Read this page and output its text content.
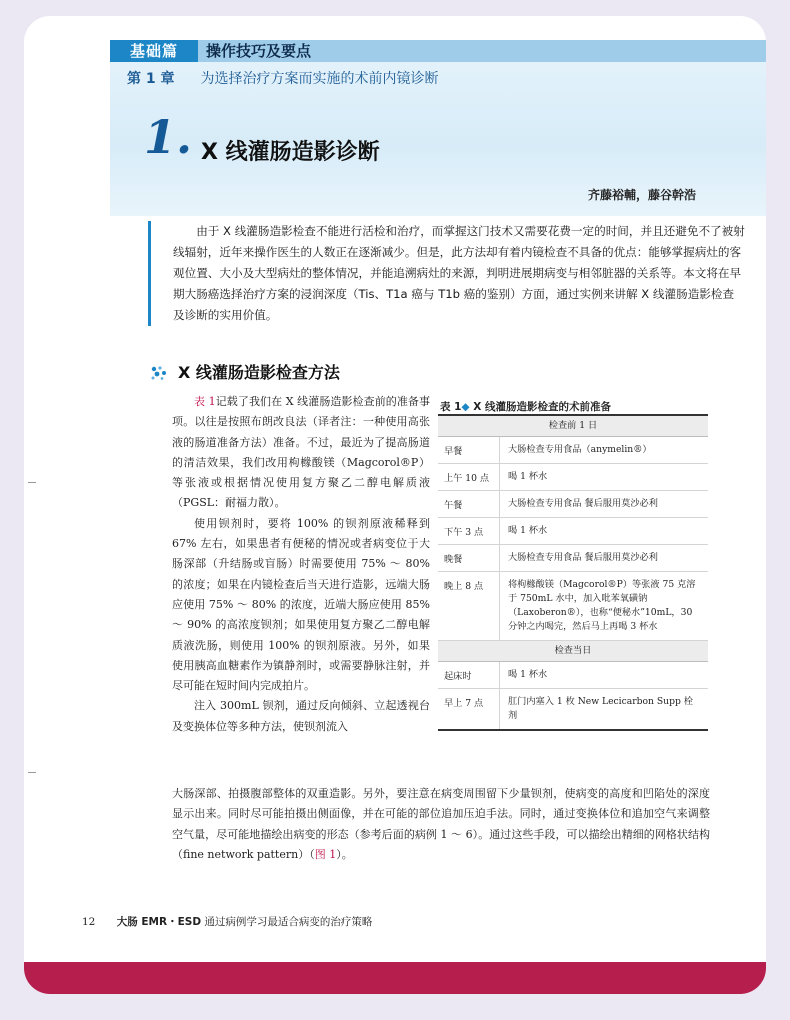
基础篇	操作技巧及要点
第 1 章 为选择治疗方案而实施的术前内镜诊断
1. X 线灌肠造影诊断
齐藤裕輔，藤谷幹浩

由于 X 线灌肠造影检查不能进行活检和治疗，而掌握这门技术又需要花费一定的时间，并且还避免不了被射线辐射，近年来操作医生的人数正在逐渐减少。但是，此方法却有着内镜检查不具备的优点：能够掌握病灶的客观位置、大小及大型病灶的整体情况，并能追溯病灶的来源，判明进展期病变与相邻脏器的关系等。本文将在早期大肠癌选择治疗方案的浸润深度（Tis、T1a 癌与 T1b 癌的鉴别）方面，通过实例来讲解 X 线灌肠造影检查及诊断的实用价值。

X 线灌肠造影检查方法

表 1记载了我们在 X 线灌肠造影检查前的准备事项。以往是按照布朗改良法（译者注：一种使用高张液的肠道准备方法）准备。不过，最近为了提高肠道的清洁效果，我们改用枸橼酸镁（Magcorol®P）等张液或根据情况使用复方聚乙二醇电解质液（PGSL：耐福力散）。

使用钡剂时，要将 100% 的钡剂原液稀释到 67% 左右，如果患者有便秘的情况或者病变位于大肠深部（升结肠或盲肠）时需要使用 75% ～ 80% 的浓度；如果在内镜检查后当天进行造影，远端大肠应使用 75% ～ 80% 的浓度，近端大肠应使用 85% ～ 90% 的高浓度钡剂；如果使用复方聚乙二醇电解质液洗肠，则使用 100% 的钡剂原液。另外，如果使用胰高血糖素作为镇静剂时，或需要静脉注射，并尽可能在短时间内完成拍片。

注入 300mL 钡剂，通过反向倾斜、立起透视台及变换体位等多种方法，使钡剂流入

表 1◆ X 线灌肠造影检查的术前准备
检查前 1 日
早餐	大肠检查专用食品（anymelin®）
上午 10 点	喝 1 杯水
午餐	大肠检查专用食品 餐后服用莫沙必利
下午 3 点	喝 1 杯水
晚餐	大肠检查专用食品 餐后服用莫沙必利
晚上 8 点	将枸橼酸镁（Magcorol®P）等张液 75 克溶于 750mL 水中，加入吡苯氧磺钠（Laxoberon®），也称“便秘水”10mL，30 分钟之内喝完，然后马上再喝 3 杯水
检查当日
起床时	喝 1 杯水
早上 7 点	肛门内塞入 1 枚 New Lecicarbon Supp 栓剂

大肠深部、拍摄腹部整体的双重造影。另外，要注意在病变周围留下少量钡剂，使病变的高度和凹陷处的深度显示出来。同时尽可能拍摄出侧面像，并在可能的部位追加压迫手法。同时，通过变换体位和追加空气来调整空气量，尽可能地描绘出病变的形态（参考后面的病例 1 ～ 6）。通过这些手段，可以描绘出精细的网格状结构（fine network pattern）（图 1）。

12 大肠 EMR・ESD 通过病例学习最适合病变的治疗策略
